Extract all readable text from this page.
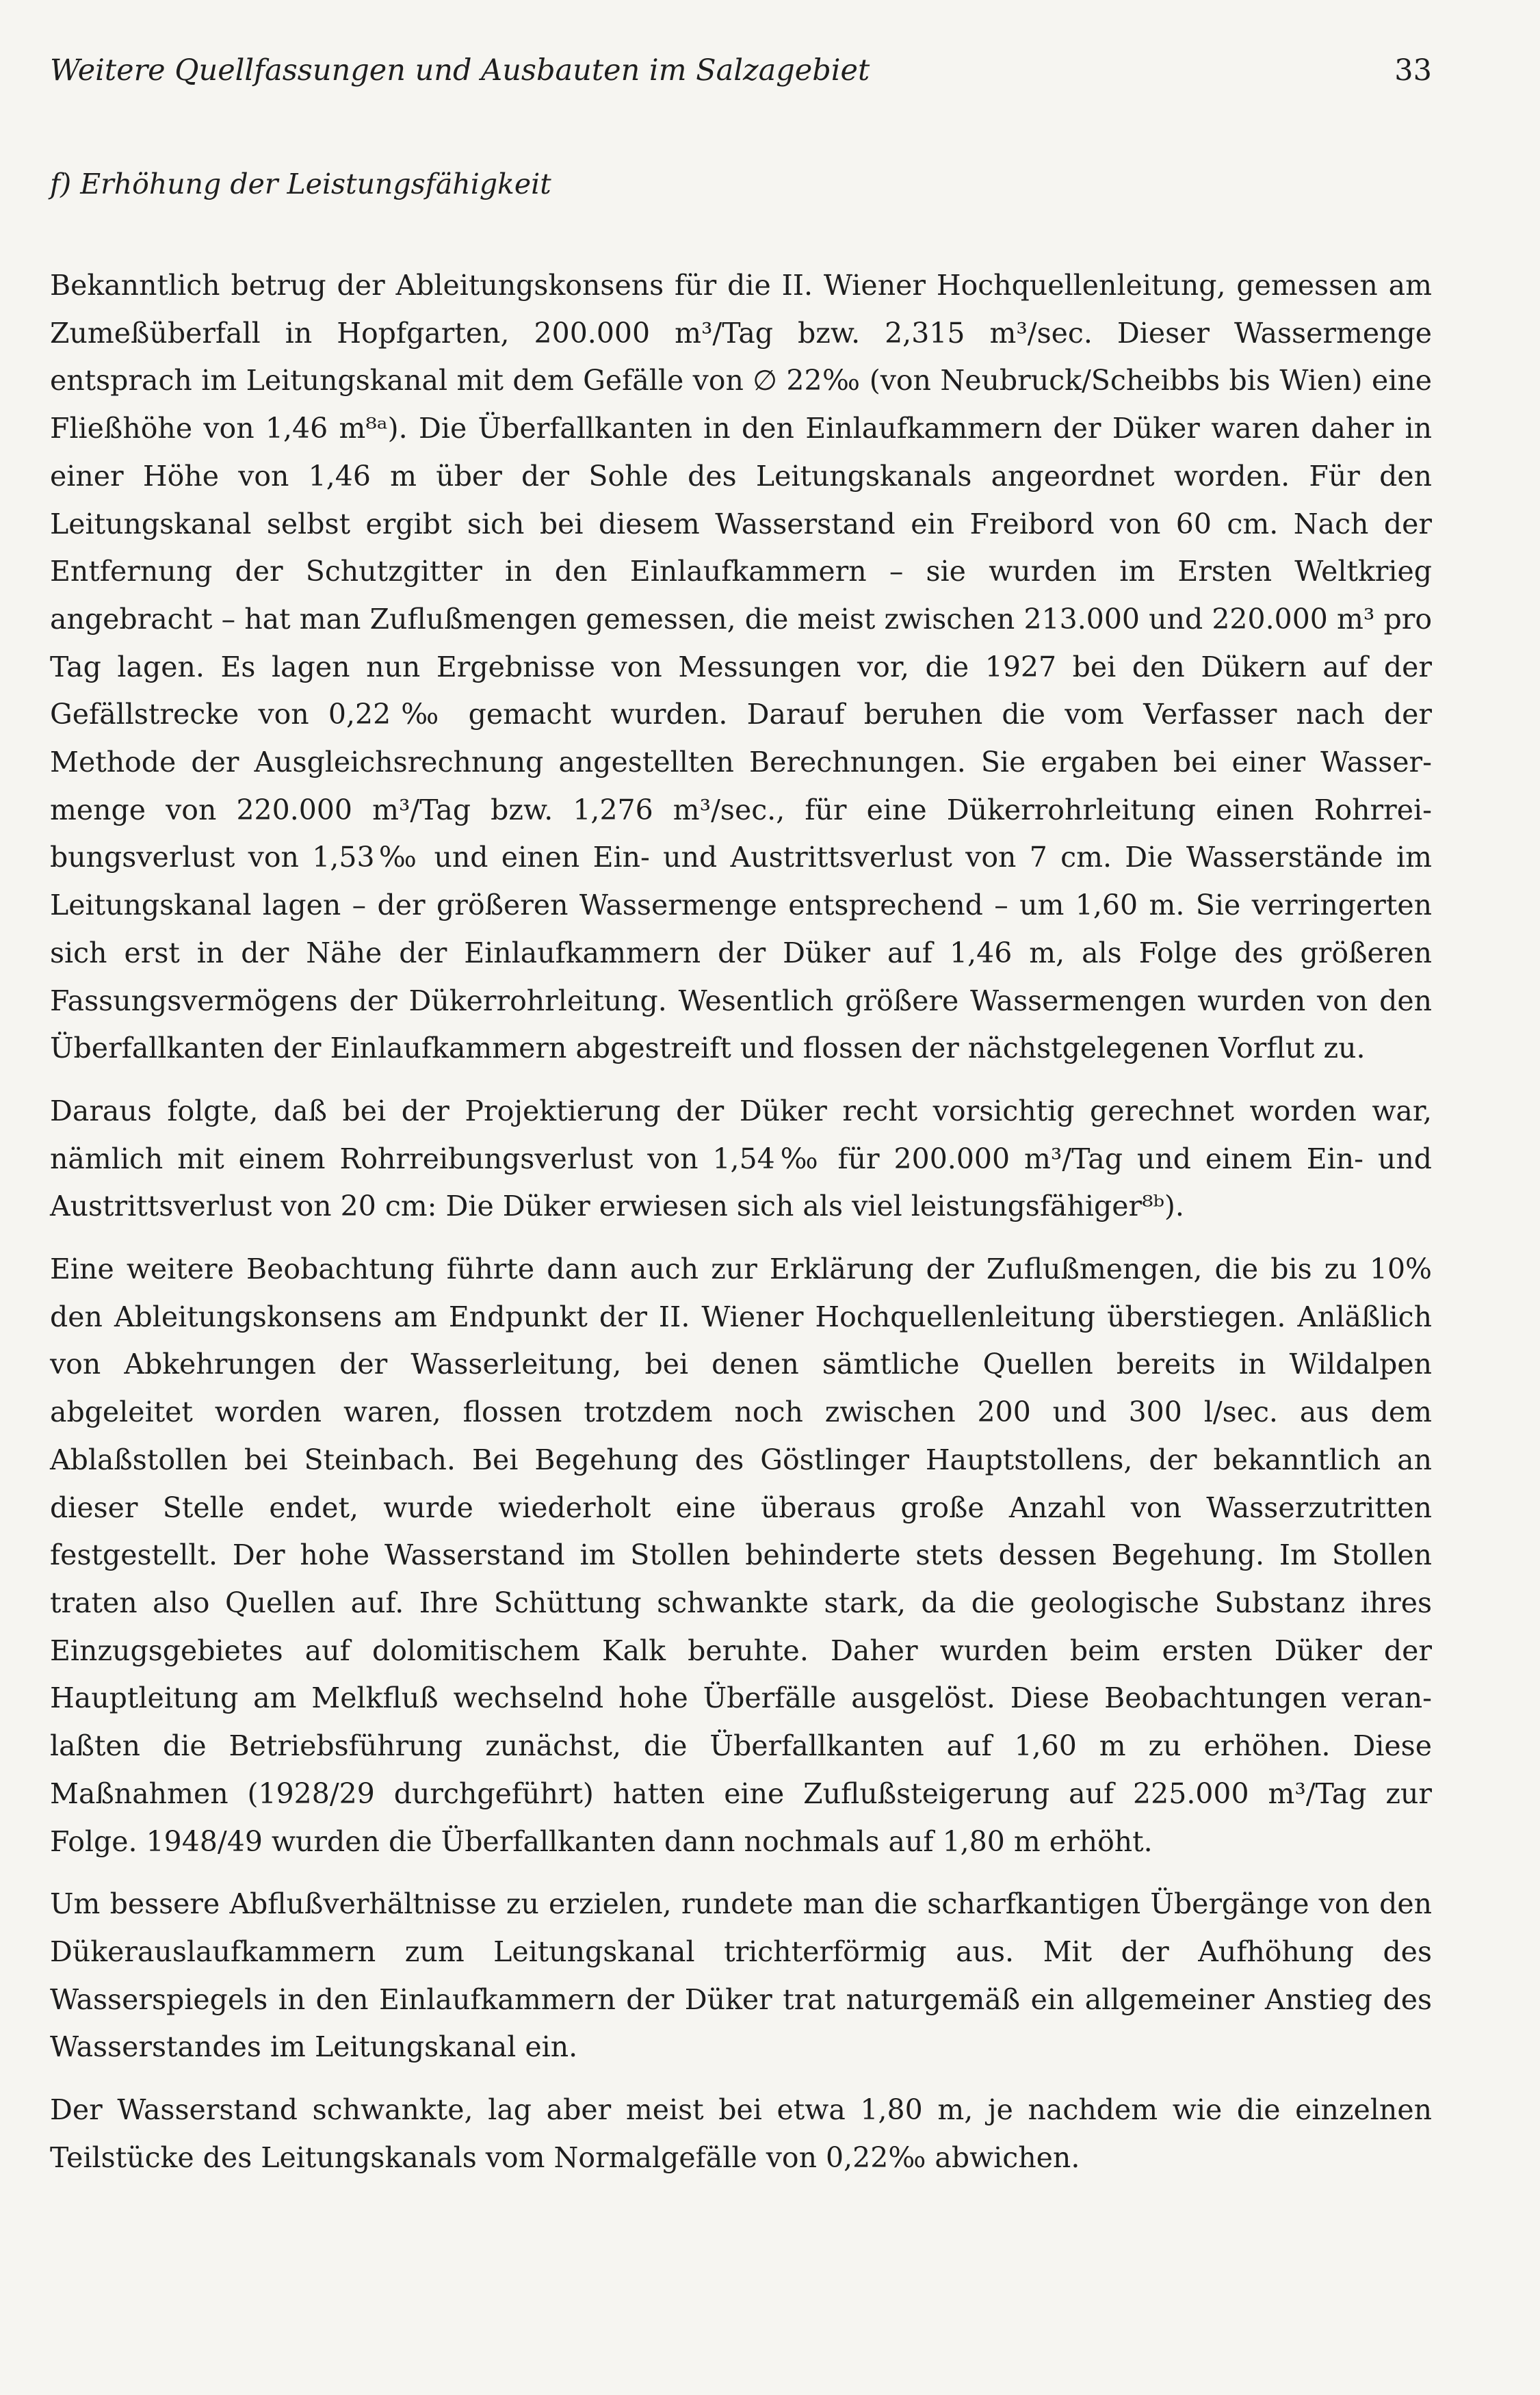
Weitere Quellfassungen und Ausbauten im Salzagebiet	33
f) Erhöhung der Leistungsfähigkeit

Bekanntlich betrug der Ableitungskonsens für die II. Wiener Hochquellenleitung, gemessen am Zumeßüberfall in Hopfgarten, 200.000 m³/Tag bzw. 2,315 m³/sec. Dieser Wassermenge entsprach im Leitungskanal mit dem Gefälle von ∅ 22‰ (von Neubruck/Scheibbs bis Wien) eine Fließhöhe von 1,46 m⁸ᵃ). Die Überfallkanten in den Einlaufkammern der Düker waren daher in einer Höhe von 1,46 m über der Sohle des Leitungskanals angeordnet worden. Für den Leitungskanal selbst ergibt sich bei diesem Wasserstand ein Freibord von 60 cm. Nach der Entfernung der Schutzgitter in den Einlaufkammern – sie wurden im Ersten Weltkrieg angebracht – hat man Zuflußmengen gemessen, die meist zwischen 213.000 und 220.000 m³ pro Tag lagen. Es lagen nun Ergebnisse von Messungen vor, die 1927 bei den Dükern auf der Gefällstrecke von 0,22‰ gemacht wurden. Darauf beruhen die vom Verfasser nach der Methode der Ausgleichsrechnung angestellten Berechnungen. Sie ergaben bei einer Wassermenge von 220.000 m³/Tag bzw. 1,276 m³/sec., für eine Dükerrohrleitung einen Rohrreibungsverlust von 1,53‰ und einen Ein- und Austrittsverlust von 7 cm. Die Wasserstände im Leitungskanal lagen – der größeren Wassermenge entsprechend – um 1,60 m. Sie verringerten sich erst in der Nähe der Einlaufkammern der Düker auf 1,46 m, als Folge des größeren Fassungsvermögens der Dükerrohrleitung. Wesentlich größere Wassermengen wurden von den Überfallkanten der Einlaufkammern abgestreift und flossen der nächstgelegenen Vorflut zu.

Daraus folgte, daß bei der Projektierung der Düker recht vorsichtig gerechnet worden war, nämlich mit einem Rohrreibungsverlust von 1,54‰ für 200.000 m³/Tag und einem Ein- und Austrittsverlust von 20 cm: Die Düker erwiesen sich als viel leistungsfähiger⁸ᵇ).

Eine weitere Beobachtung führte dann auch zur Erklärung der Zuflußmengen, die bis zu 10% den Ableitungskonsens am Endpunkt der II. Wiener Hochquellenleitung überstiegen. Anläßlich von Abkehrungen der Wasserleitung, bei denen sämtliche Quellen bereits in Wildalpen abgeleitet worden waren, flossen trotzdem noch zwischen 200 und 300 l/sec. aus dem Ablaßstollen bei Steinbach. Bei Begehung des Göstlinger Hauptstollens, der bekanntlich an dieser Stelle endet, wurde wiederholt eine überaus große Anzahl von Wasserzutritten festgestellt. Der hohe Wasserstand im Stollen behinderte stets dessen Begehung. Im Stollen traten also Quellen auf. Ihre Schüttung schwankte stark, da die geologische Substanz ihres Einzugsgebietes auf dolomitischem Kalk beruhte. Daher wurden beim ersten Düker der Hauptleitung am Melkfluß wechselnd hohe Überfälle ausgelöst. Diese Beobachtungen veranlaßten die Betriebsführung zunächst, die Überfallkanten auf 1,60 m zu erhöhen. Diese Maßnahmen (1928/29 durchgeführt) hatten eine Zuflußsteigerung auf 225.000 m³/Tag zur Folge. 1948/49 wurden die Überfallkanten dann nochmals auf 1,80 m erhöht.

Um bessere Abflußverhältnisse zu erzielen, rundete man die scharfkantigen Übergänge von den Dükerauslaufkammern zum Leitungskanal trichterförmig aus. Mit der Aufhöhung des Wasserspiegels in den Einlaufkammern der Düker trat naturgemäß ein allgemeiner Anstieg des Wasserstandes im Leitungskanal ein.

Der Wasserstand schwankte, lag aber meist bei etwa 1,80 m, je nachdem wie die einzelnen Teilstücke des Leitungskanals vom Normalgefälle von 0,22‰ abwichen.
